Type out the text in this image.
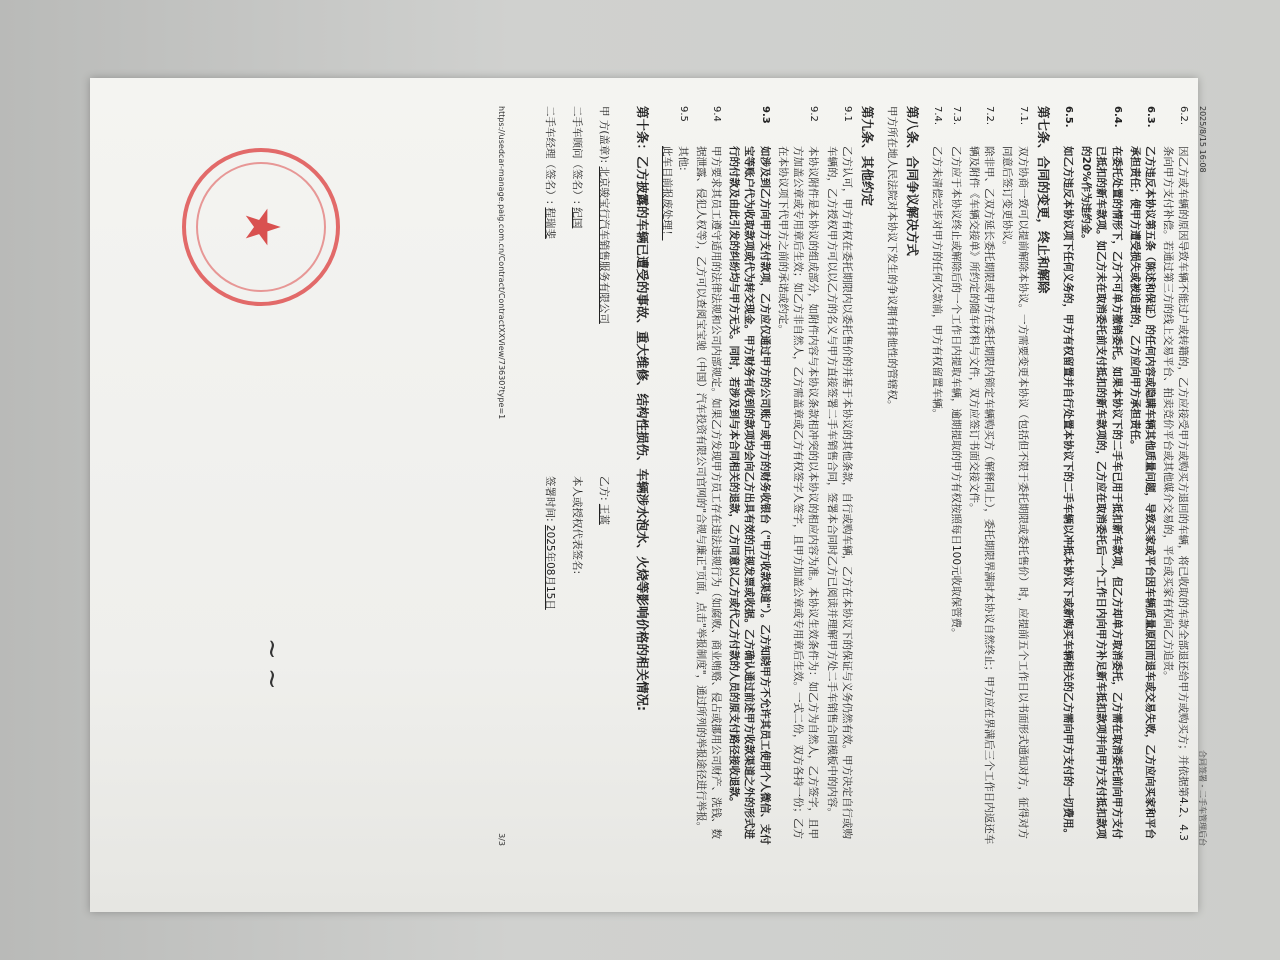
2025/8/15 16:08
合同签署 - 二手车管理后台
6.2.
因乙方或车辆的原因导致车辆不能过户或转籍的，乙方应接受甲方或购买方退回的车辆，将已收取的车款全部退还给甲方或购买方；并依据第4.2、4.3条向甲方支付补偿。若通过第三方的线上交易平台、拍卖竞价平台或其他媒介交易的，平台或买家有权向乙方追责。
6.3.
乙方违反本协议第五条（陈述和保证）的任何内容或隐瞒车辆其他质量问题，导致买家或平台因车辆质量原因而退车或交易失败，乙方应向买家和平台承担责任；使甲方遭受损失或被追责的，乙方应向甲方承担责任。
6.4.
在委托处置的情形下，乙方不可单方撤销委托。如果本协议下的二手车已用于抵扣新车款项，但乙方却单方取消委托，乙方需在取消委托前向甲方支付已抵扣的新车款项。如乙方未在取消委托前支付抵扣的新车款项的，乙方应在取消委托后一个工作日内向甲方补足新车抵扣款项并向甲方支付抵扣款项的20%作为违约金。
6.5.
如乙方违反本协议项下任何义务的，甲方有权留置并自行处置本协议下的二手车辆以冲抵本协议下或新购买车辆相关的乙方需向甲方支付的一切费用。
第七条、合同的变更，终止和解除
7.1.
双方协商一致可以提前解除本协议。一方需要变更本协议（包括但不限于委托期限或委托售价）时，应提前五个工作日以书面形式通知对方，征得对方同意后签订变更协议。
7.2.
除非甲、乙双方延长委托期限或甲方在委托期限内锁定车辆购买方（解释同上），委托期限界满时本协议自然终止；甲方应在界满后三个工作日内返还车辆及附件《车辆交接单》所约定的随车材料与文件，双方应签订书面交接文件。
7.3.
乙方应于本协议终止或解除后的一个工作日内提取车辆，逾期提取的甲方有权按照每日100元收取保管费。
7.4.
乙方未清偿完毕对甲方的任何欠款前，甲方有权留置车辆。
第八条、合同争议解决方式
甲方所在地人民法院对本协议下发生的争议拥有排他性的管辖权。
第九条、其他约定
9.1
乙方认可，甲方有权在委托期限内以委托售价的并基于本协议的其他条款，自行或购车辆，乙方在本协议下的保证与义务仍然有效。甲方决定自行或购车辆的，乙方授权甲方可以以乙方的名义与甲方直接签署二手车销售合同，签署本合同时乙方已阅读并理解甲方处二手车销售合同模板中的内容。
9.2
本协议附件是本协议的组成部分，如附件内容与本协议条款相冲突的以本协议的相应内容为准。本协议生效条件为：如乙方为自然人，乙方签字，且甲方加盖公章或专用章后生效；如乙方非自然人，乙方需盖章或乙方有权签字人签字，且甲方加盖公章或专用章后生效。一式二份，双方各持一份；乙方在本协议项下代甲方之前的承诺或约定。
9.3
如涉及到乙方向甲方支付款项，乙方应仅通过甲方的公司账户或甲方的财务收银台（"甲方收款渠道"）。乙方知晓甲方不允许其员工使用个人微信、支付宝等账户代为收取款项或代为转交现金。甲方财务有收到的款项均会向乙方出具有效的正规发票或收据。乙方确认通过前述甲方收款渠道之外的形式进行的付款及由此引发的纠纷均与甲方无关。同时，若涉及到与本合同相关的退款，乙方同意以乙方或代乙方付款的人员的原支付路径接收退款。
9.4
甲方要求其员工遵守适用的法律法规和公司内部规定。如果乙方发现甲方员工存在违法违规行为（如腐败、商业贿赂、侵占或挪用公司财产、洗钱、数据泄露、侵犯人权等），乙方可以查阅宝宝驰（中国）汽车投资有限公司官网的"合规与廉正"页面，点击"举报制度"，通过所列的举报途径进行举报。
9.5
其他:
此车目前报废处理！
第十条：乙方披露的车辆已遭受的事故、重大维修、结构性损伤、车辆涉水泡水、火烧等影响价格的相关情况:
甲 方(盖章): 北京骏宝行汽车销售服务有限公司
二手车顾问（签名）: 纪国
二手车经理（签名）: 程瑞斐
乙方: 王蒿
本人或授权代表签名:
签署时间: 2025年08月15日
https://usedcar-manage.paig.com.cn/Contract/ContractXXView/73630?type=1
3/3
★
~ ~
